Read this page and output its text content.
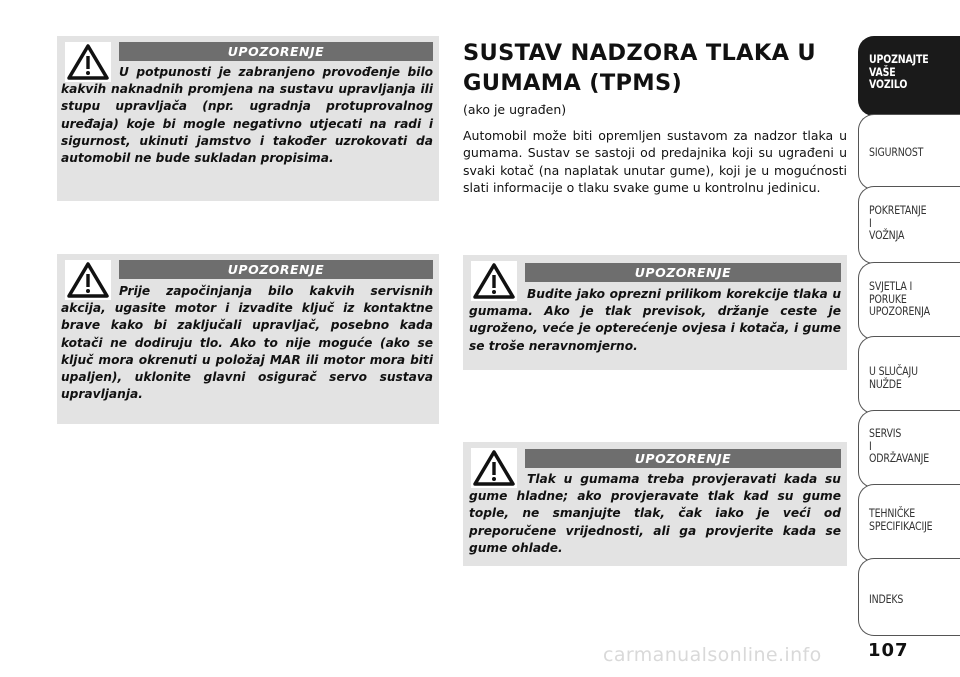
UPOZORENJE
U potpunosti je zabranjeno provođenje bilo kakvih naknadnih promjena na sustavu upravljanja ili stupu upravljača (npr. ugradnja protuprovalnog uređaja) koje bi mogle negativno utjecati na radi i sigurnost, ukinuti jamstvo i također uzrokovati da automobil ne bude sukladan propisima.
UPOZORENJE
Prije započinjanja bilo kakvih servisnih akcija, ugasite motor i izvadite ključ iz kontaktne brave kako bi zaključali upravljač, posebno kada kotači ne dodiruju tlo. Ako to nije moguće (ako se ključ mora okrenuti u položaj MAR ili motor mora biti upaljen), uklonite glavni osigurač servo sustava upravljanja.
SUSTAV NADZORA TLAKA U GUMAMA (TPMS)

(ako je ugrađen)

Automobil može biti opremljen sustavom za nadzor tlaka u gumama. Sustav se sastoji od predajnika koji su ugrađeni u svaki kotač (na naplatak unutar gume), koji je u mogućnosti slati informacije o tlaku svake gume u kontrolnu jedinicu.

UPOZORENJE
Budite jako oprezni prilikom korekcije tlaka u gumama. Ako je tlak previsok, držanje ceste je ugroženo, veće je opterećenje ovjesa i kotača, i gume se troše neravnomjerno.
UPOZORENJE
Tlak u gumama treba provjeravati kada su gume hladne; ako provjeravate tlak kad su gume tople, ne smanjujte tlak, čak iako je veći od preporučene vrijednosti, ali ga provjerite kada se gume ohlade.
UPOZNAJTE
VAŠE
VOZILO
SIGURNOST
POKRETANJE
I
VOŽNJA
SVJETLA I
PORUKE
UPOZORENJA
U SLUČAJU
NUŽDE
SERVIS
I
ODRŽAVANJE
TEHNIČKE
SPECIFIKACIJE
INDEKS
107
carmanualsonline.info
